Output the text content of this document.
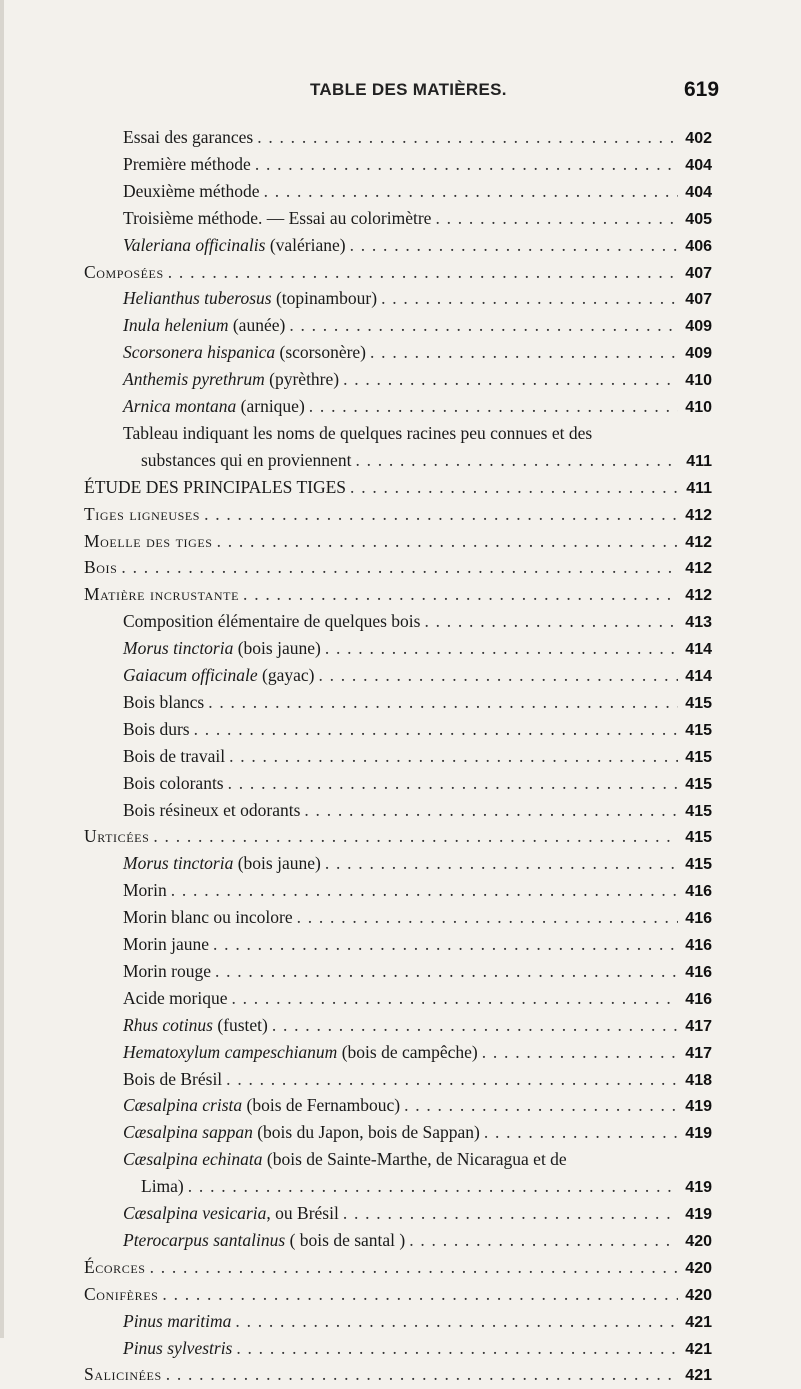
TABLE DES MATIÈRES.	619
Essai des garances . . .	402
Première méthode . . .	404
Deuxième méthode . . .	404
Troisième méthode. — Essai au colorimètre . . .	405
Valeriana officinalis (valériane) . . .	406
Composées . . .	407
Helianthus tuberosus (topinambour) . . .	407
Inula helenium (aunée) . . .	409
Scorsonera hispanica (scorsonère) . . .	409
Anthemis pyrethrum (pyrèthre) . . .	410
Arnica montana (arnique) . . .	410
Tableau indiquant les noms de quelques racines peu connues et des
substances qui en proviennent . . .	411
ÉTUDE DES PRINCIPALES TIGES . . .	411
Tiges ligneuses . . .	412
Moelle des tiges . . .	412
Bois . . .	412
Matière incrustante . . .	412
Composition élémentaire de quelques bois . . .	413
Morus tinctoria (bois jaune) . . .	414
Gaiacum officinale (gayac) . . .	414
Bois blancs . . .	415
Bois durs . . .	415
Bois de travail . . .	415
Bois colorants . . .	415
Bois résineux et odorants . . .	415
Urticées . . .	415
Morus tinctoria (bois jaune) . . .	415
Morin . . .	416
Morin blanc ou incolore . . .	416
Morin jaune . . .	416
Morin rouge . . .	416
Acide morique . . .	416
Rhus cotinus (fustet) . . .	417
Hematoxylum campeschianum (bois de campêche) . . .	417
Bois de Brésil . . .	418
Cæsalpina crista (bois de Fernambouc) . . .	419
Cæsalpina sappan (bois du Japon, bois de Sappan) . . .	419
Cæsalpina echinata (bois de Sainte-Marthe, de Nicaragua et de
Lima) . . .	419
Cæsalpina vesicaria, ou Brésil . . .	419
Pterocarpus santalinus ( bois de santal ) . . .	420
Écorces . . .	420
Conifères . . .	420
Pinus maritima . . .	421
Pinus sylvestris . . .	421
Salicinées . . .	421
